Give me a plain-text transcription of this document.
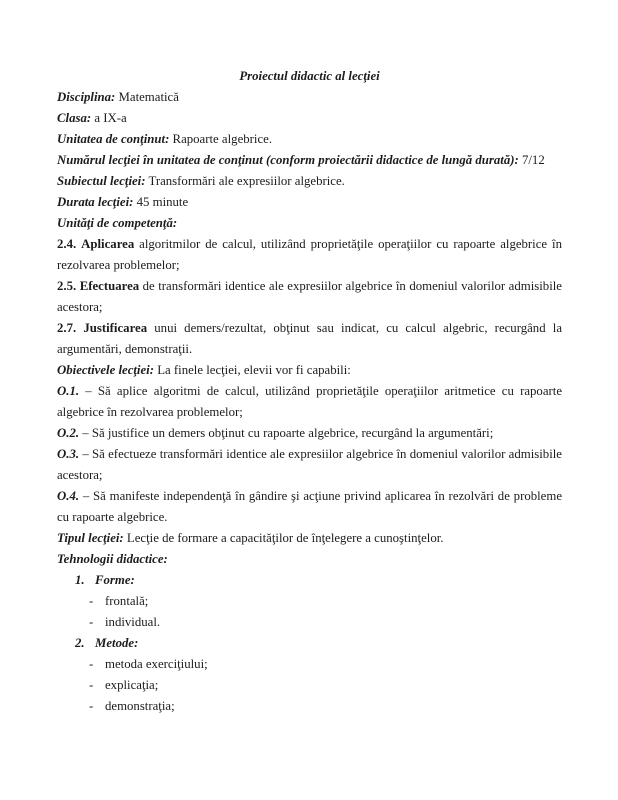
Proiectul didactic al lecţiei

Disciplina: Matematică

Clasa: a IX-a

Unitatea de conţinut: Rapoarte algebrice.

Numărul lecţiei în unitatea de conţinut (conform proiectării didactice de lungă durată): 7/12

Subiectul lecţiei: Transformări ale expresiilor algebrice.

Durata lecţiei: 45 minute

Unităţi de competenţă:

2.4. Aplicarea algoritmilor de calcul, utilizând proprietăţile operaţiilor cu rapoarte algebrice în rezolvarea problemelor;

2.5. Efectuarea de transformări identice ale expresiilor algebrice în domeniul valorilor admisibile acestora;

2.7. Justificarea unui demers/rezultat, obţinut sau indicat, cu calcul algebric, recurgând la argumentări, demonstraţii.

Obiectivele lecţiei: La finele lecţiei, elevii vor fi capabili:

O.1. – Să aplice algoritmi de calcul, utilizând proprietăţile operaţiilor aritmetice cu rapoarte algebrice în rezolvarea problemelor;

O.2. – Să justifice un demers obţinut cu rapoarte algebrice, recurgând la argumentări;

O.3. – Să efectueze transformări identice ale expresiilor algebrice în domeniul valorilor admisibile acestora;

O.4. – Să manifeste independenţă în gândire şi acţiune privind aplicarea în rezolvări de probleme cu rapoarte algebrice.

Tipul lecţiei: Lecţie de formare a capacităţilor de înţelegere a cunoştinţelor.

Tehnologii didactice:

1. Forme:
- frontală;
- individual.
2. Metode:
- metoda exerciţiului;
- explicaţia;
- demonstraţia;
